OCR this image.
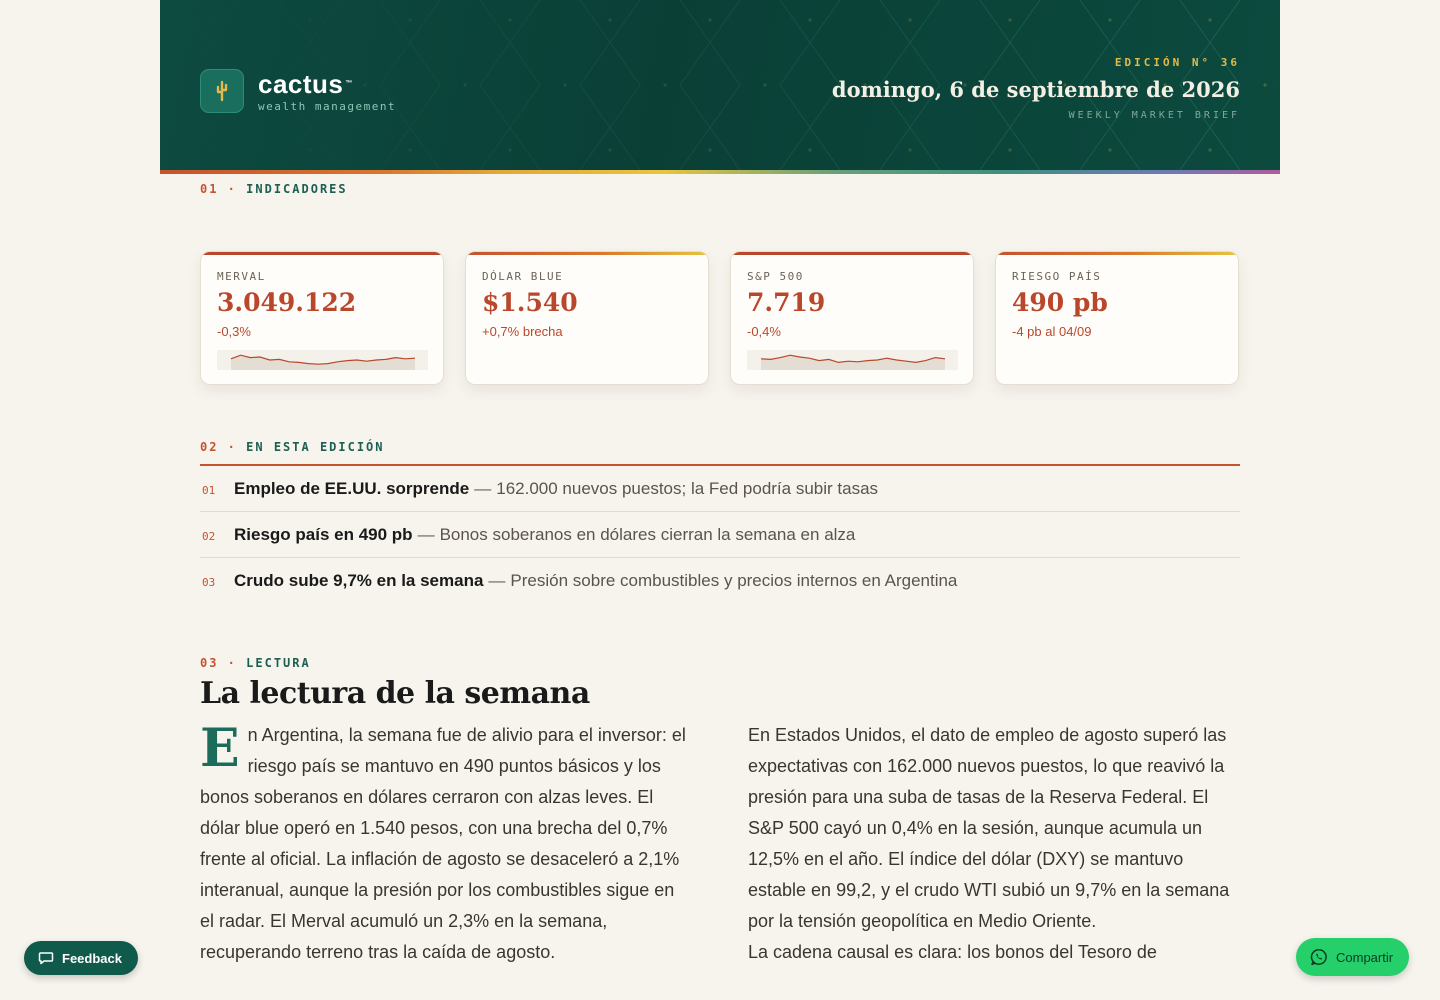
cactus ™
wealth management
EDICIÓN N° 36
domingo, 6 de septiembre de 2026
WEEKLY MARKET BRIEF
01 · INDICADORES
MERVAL
3.049.122
-0,3%
DÓLAR BLUE
$1.540
+0,7% brecha
S&P 500
7.719
-0,4%
RIESGO PAÍS
490 pb
-4 pb al 04/09
02 · EN ESTA EDICIÓN
01	Empleo de EE.UU. sorprende — 162.000 nuevos puestos; la Fed podría subir tasas
02	Riesgo país en 490 pb — Bonos soberanos en dólares cierran la semana en alza
03	Crudo sube 9,7% en la semana — Presión sobre combustibles y precios internos en Argentina
03 · LECTURA
La lectura de la semana
E n Argentina, la semana fue de alivio para el inversor: el riesgo país se mantuvo en 490 puntos básicos y los bonos soberanos en dólares cerraron con alzas leves. El dólar blue operó en 1.540 pesos, con una brecha del 0,7% frente al oficial. La inflación de agosto se desaceleró a 2,1% interanual, aunque la presión por los combustibles sigue en el radar. El Merval acumuló un 2,3% en la semana, recuperando terreno tras la caída de agosto.

En Estados Unidos, el dato de empleo de agosto superó las expectativas con 162.000 nuevos puestos, lo que reavivó la presión para una suba de tasas de la Reserva Federal. El S&P 500 cayó un 0,4% en la sesión, aunque acumula un 12,5% en el año. El índice del dólar (DXY) se mantuvo estable en 99,2, y el crudo WTI subió un 9,7% en la semana por la tensión geopolítica en Medio Oriente.

La cadena causal es clara: los bonos del Tesoro de

Feedback	Compartir
